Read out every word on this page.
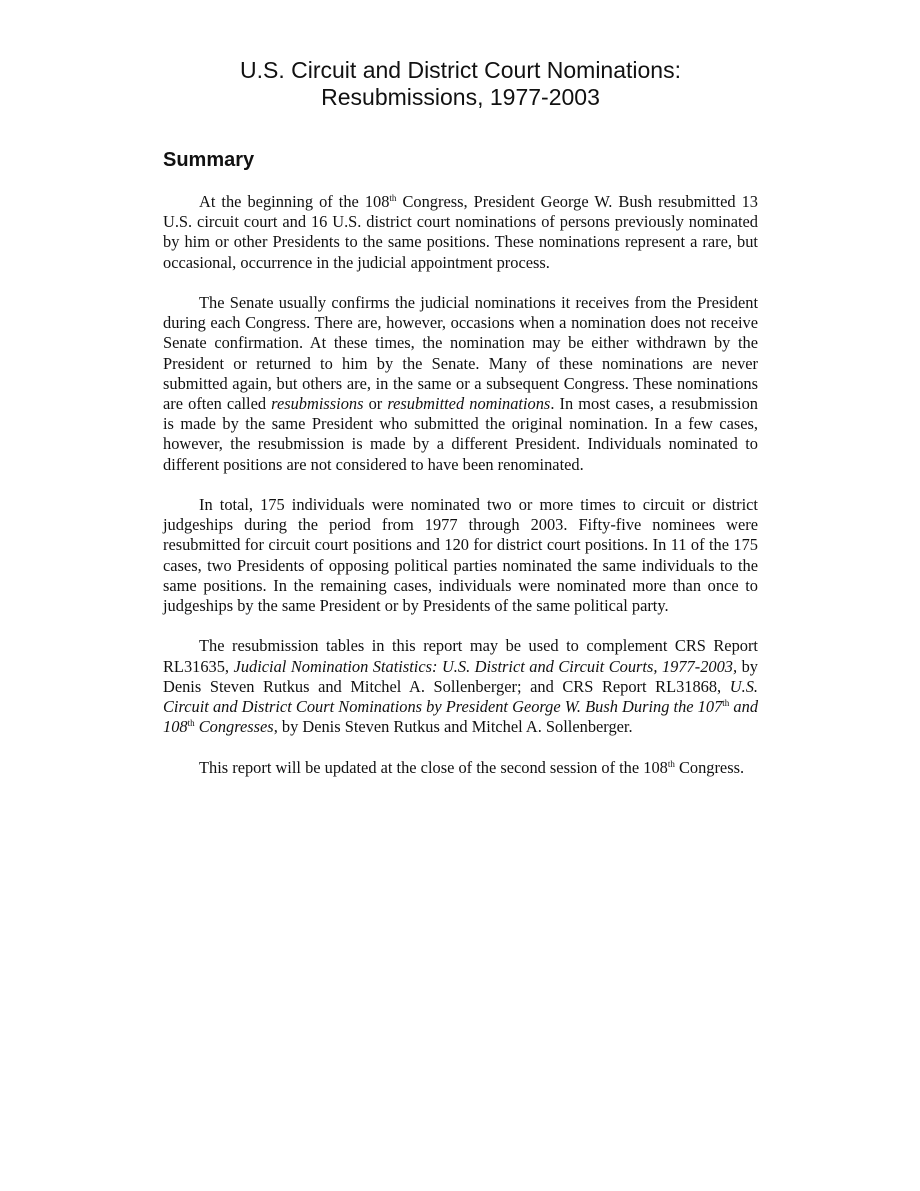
U.S. Circuit and District Court Nominations:
Resubmissions, 1977-2003
Summary

At the beginning of the 108th Congress, President George W. Bush resubmitted 13 U.S. circuit court and 16 U.S. district court nominations of persons previously nominated by him or other Presidents to the same positions. These nominations represent a rare, but occasional, occurrence in the judicial appointment process.

The Senate usually confirms the judicial nominations it receives from the President during each Congress. There are, however, occasions when a nomination does not receive Senate confirmation. At these times, the nomination may be either withdrawn by the President or returned to him by the Senate. Many of these nominations are never submitted again, but others are, in the same or a subsequent Congress. These nominations are often called resubmissions or resubmitted nominations. In most cases, a resubmission is made by the same President who submitted the original nomination. In a few cases, however, the resubmission is made by a different President. Individuals nominated to different positions are not considered to have been renominated.

In total, 175 individuals were nominated two or more times to circuit or district judgeships during the period from 1977 through 2003. Fifty-five nominees were resubmitted for circuit court positions and 120 for district court positions. In 11 of the 175 cases, two Presidents of opposing political parties nominated the same individuals to the same positions. In the remaining cases, individuals were nominated more than once to judgeships by the same President or by Presidents of the same political party.

The resubmission tables in this report may be used to complement CRS Report RL31635, Judicial Nomination Statistics: U.S. District and Circuit Courts, 1977-2003, by Denis Steven Rutkus and Mitchel A. Sollenberger; and CRS Report RL31868, U.S. Circuit and District Court Nominations by President George W. Bush During the 107th and 108th Congresses, by Denis Steven Rutkus and Mitchel A. Sollenberger.

This report will be updated at the close of the second session of the 108th Congress.
